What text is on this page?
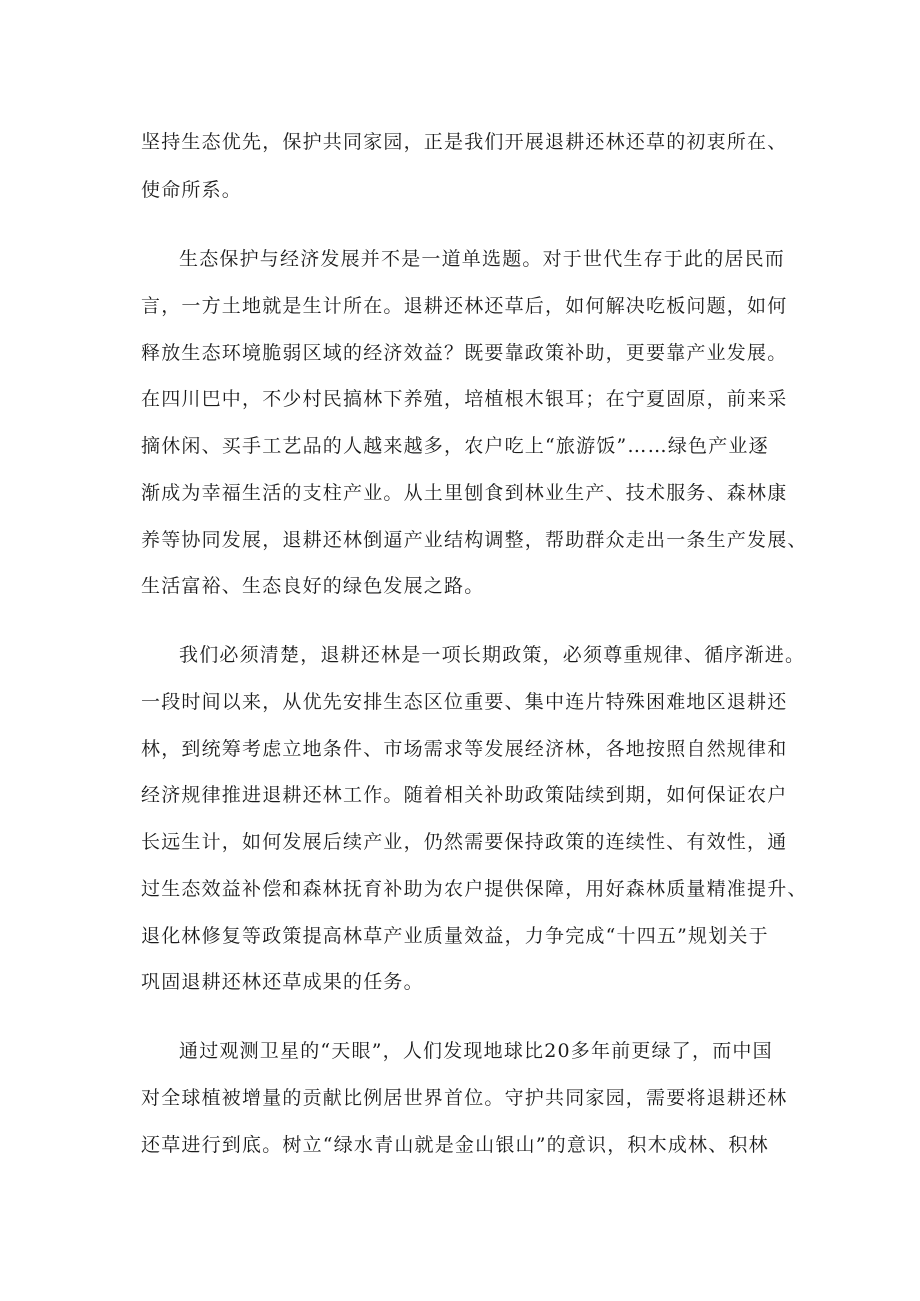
坚持生态优先，保护共同家园，正是我们开展退耕还林还草的初衷所在、
使命所系。
生态保护与经济发展并不是一道单选题。对于世代生存于此的居民而
言，一方土地就是生计所在。退耕还林还草后，如何解决吃板问题，如何
释放生态环境脆弱区域的经济效益？既要靠政策补助，更要靠产业发展。
在四川巴中，不少村民搞林下养殖，培植根木银耳；在宁夏固原，前来采
摘休闲、买手工艺品的人越来越多，农户吃上“旅游饭”……绿色产业逐
渐成为幸福生活的支柱产业。从土里刨食到林业生产、技术服务、森林康
养等协同发展，退耕还林倒逼产业结构调整，帮助群众走出一条生产发展、
生活富裕、生态良好的绿色发展之路。
我们必须清楚，退耕还林是一项长期政策，必须尊重规律、循序渐进。
一段时间以来，从优先安排生态区位重要、集中连片特殊困难地区退耕还
林，到统筹考虑立地条件、市场需求等发展经济林，各地按照自然规律和
经济规律推进退耕还林工作。随着相关补助政策陆续到期，如何保证农户
长远生计，如何发展后续产业，仍然需要保持政策的连续性、有效性，通
过生态效益补偿和森林抚育补助为农户提供保障，用好森林质量精准提升、
退化林修复等政策提高林草产业质量效益，力争完成“十四五”规划关于
巩固退耕还林还草成果的任务。
通过观测卫星的“天眼”，人们发现地球比20多年前更绿了，而中国
对全球植被增量的贡献比例居世界首位。守护共同家园，需要将退耕还林
还草进行到底。树立“绿水青山就是金山银山”的意识，积木成林、积林
